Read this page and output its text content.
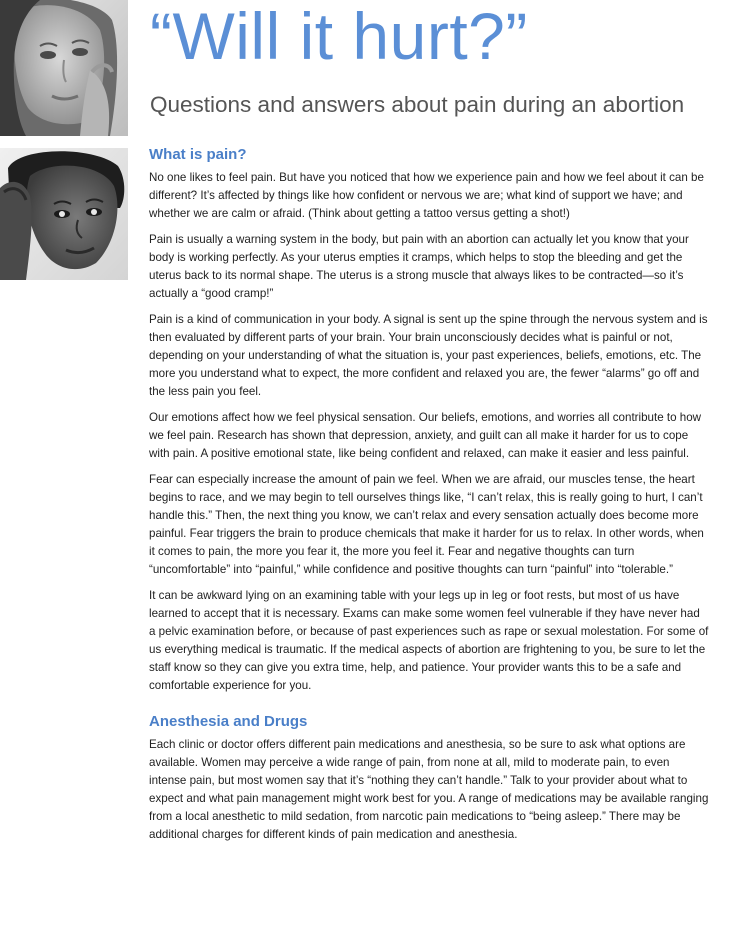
“Will it hurt?”
Questions and answers about pain during an abortion
What is pain?

No one likes to feel pain. But have you noticed that how we experience pain and how we feel about it can be different? It’s affected by things like how confident or nervous we are; what kind of support we have; and whether we are calm or afraid. (Think about getting a tattoo versus getting a shot!)

Pain is usually a warning system in the body, but pain with an abortion can actually let you know that your body is working perfectly. As your uterus empties it cramps, which helps to stop the bleeding and get the uterus back to its normal shape. The uterus is a strong muscle that always likes to be contracted—so it’s actually a “good cramp!”

Pain is a kind of communication in your body. A signal is sent up the spine through the nervous system and is then evaluated by different parts of your brain. Your brain unconsciously decides what is painful or not, depending on your understanding of what the situation is, your past experiences, beliefs, emotions, etc. The more you understand what to expect, the more confident and relaxed you are, the fewer “alarms” go off and the less pain you feel.

Our emotions affect how we feel physical sensation. Our beliefs, emotions, and worries all contribute to how we feel pain. Research has shown that depression, anxiety, and guilt can all make it harder for us to cope with pain. A positive emotional state, like being confident and relaxed, can make it easier and less painful.

Fear can especially increase the amount of pain we feel. When we are afraid, our muscles tense, the heart begins to race, and we may begin to tell ourselves things like, “I can’t relax, this is really going to hurt, I can’t handle this.” Then, the next thing you know, we can’t relax and every sensation actually does become more painful. Fear triggers the brain to produce chemicals that make it harder for us to relax. In other words, when it comes to pain, the more you fear it, the more you feel it. Fear and negative thoughts can turn “uncomfortable” into “painful,” while confidence and positive thoughts can turn “painful” into “tolerable.”

It can be awkward lying on an examining table with your legs up in leg or foot rests, but most of us have learned to accept that it is necessary. Exams can make some women feel vulnerable if they have never had a pelvic examination before, or because of past experiences such as rape or sexual molestation. For some of us everything medical is traumatic. If the medical aspects of abortion are frightening to you, be sure to let the staff know so they can give you extra time, help, and patience. Your provider wants this to be a safe and comfortable experience for you.

Anesthesia and Drugs

Each clinic or doctor offers different pain medications and anesthesia, so be sure to ask what options are available. Women may perceive a wide range of pain, from none at all, mild to moderate pain, to even intense pain, but most women say that it’s “nothing they can’t handle.” Talk to your provider about what to expect and what pain management might work best for you. A range of medications may be available ranging from a local anesthetic to mild sedation, from narcotic pain medications to “being asleep.” There may be additional charges for different kinds of pain medication and anesthesia.
